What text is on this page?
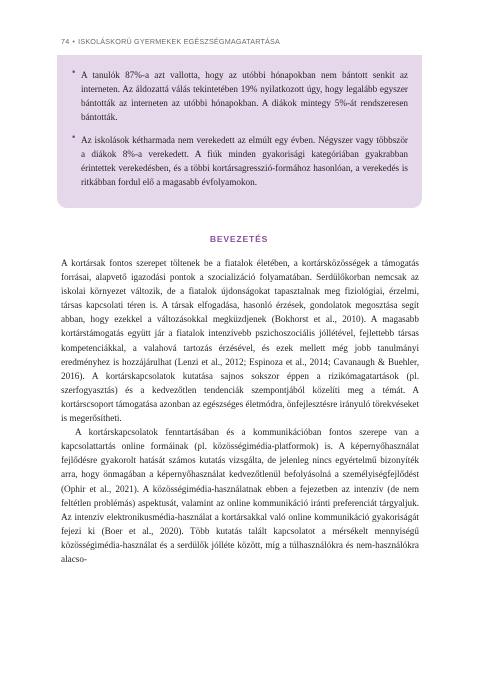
74 • ISKOLÁSKORÚ GYERMEKEK EGÉSZSÉGMAGATARTÁSA
• A tanulók 87%-a azt vallotta, hogy az utóbbi hónapokban nem bántott senkit az interneten. Az áldozattá válás tekintetében 19% nyilatkozott úgy, hogy legalább egyszer bántották az interneten az utóbbi hónapokban. A diákok mintegy 5%-át rendszeresen bántották.
• Az iskolások kétharmada nem verekedett az elmúlt egy évben. Négyszer vagy többször a diákok 8%-a verekedett. A fiúk minden gyakorisági kategóriában gyakrabban érintettek verekedésben, és a többi kortársagresszió-formához hasonlóan, a verekedés is ritkábban fordul elő a magasabb évfolyamokon.
BEVEZETÉS

A kortársak fontos szerepet töltenek be a fiatalok életében, a kortársközösségek a támogatás forrásai, alapvető igazodási pontok a szocializáció folyamatában. Serdülőkorban nemcsak az iskolai környezet változik, de a fiatalok újdonságokat tapasztalnak meg fiziológiai, érzelmi, társas kapcsolati téren is. A társak elfogadása, hasonló érzések, gondolatok megosztása segít abban, hogy ezekkel a változásokkal megküzdjenek (Bokhorst et al., 2010). A magasabb kortárstámogatás együtt jár a fiatalok intenzívebb pszichoszociális jóllétével, fejlettebb társas kompetenciákkal, a valahová tartozás érzésével, és ezek mellett még jobb tanulmányi eredményhez is hozzájárulhat (Lenzi et al., 2012; Espinoza et al., 2014; Cavanaugh & Buehler, 2016). A kortárskapcsolatok kutatása sajnos sokszor éppen a rizikómagatartások (pl. szerfogyasztás) és a kedvezőtlen tendenciák szempontjából közelíti meg a témát. A kortárscsoport támogatása azonban az egészséges életmódra, önfejlesztésre irányuló törekvéseket is megerősítheti.

A kortárskapcsolatok fenntartásában és a kommunikációban fontos szerepe van a kapcsolattartás online formáinak (pl. közösségimédia-platformok) is. A képernyőhasználat fejlődésre gyakorolt hatását számos kutatás vizsgálta, de jelenleg nincs egyértelmű bizonyíték arra, hogy önmagában a képernyőhasználat kedvezőtlenül befolyásolná a személyiségfejlődést (Ophir et al., 2021). A közösségimédia-használatnak ebben a fejezetben az intenzív (de nem feltétlen problémás) aspektusát, valamint az online kommunikáció iránti preferenciát tárgyaljuk. Az intenzív elektronikusmédia-használat a kortársakkal való online kommunikáció gyakoriságát fejezi ki (Boer et al., 2020). Több kutatás talált kapcsolatot a mérsékelt mennyiségű közösségimédia-használat és a serdülők jólléte között, míg a túlhasználókra és nem-használókra alacso-
